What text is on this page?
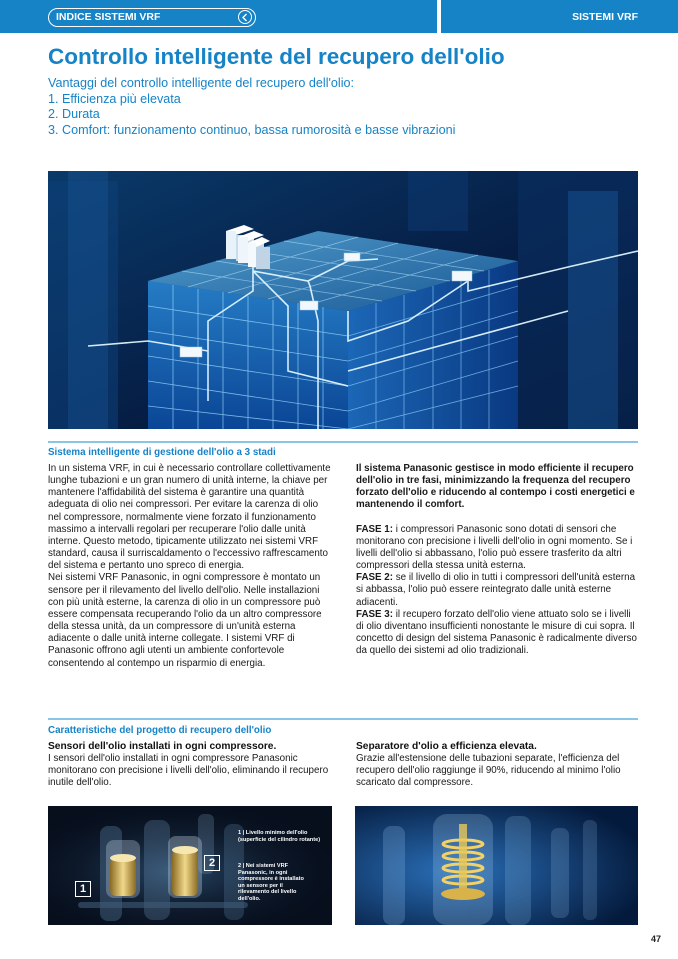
INDICE SISTEMI VRF	SISTEMI VRF
Controllo intelligente del recupero dell'olio
Vantaggi del controllo intelligente del recupero dell'olio:
1. Efficienza più elevata
2. Durata
3. Comfort: funzionamento continuo, bassa rumorosità e basse vibrazioni
Sistema intelligente di gestione dell'olio a 3 stadi

In un sistema VRF, in cui è necessario controllare collettivamente lunghe tubazioni e un gran numero di unità interne, la chiave per mantenere l'affidabilità del sistema è garantire una quantità adeguata di olio nei compressori. Per evitare la carenza di olio nel compressore, normalmente viene forzato il funzionamento massimo a intervalli regolari per recuperare l'olio dalle unità interne. Questo metodo, tipicamente utilizzato nei sistemi VRF standard, causa il surriscaldamento o l'eccessivo raffrescamento del sistema e pertanto uno spreco di energia.

Nei sistemi VRF Panasonic, in ogni compressore è montato un sensore per il rilevamento del livello dell'olio. Nelle installazioni con più unità esterne, la carenza di olio in un compressore può essere compensata recuperando l'olio da un altro compressore della stessa unità, da un compressore di un'unità esterna adiacente o dalle unità interne collegate. I sistemi VRF di Panasonic offrono agli utenti un ambiente confortevole consentendo al contempo un risparmio di energia.

Il sistema Panasonic gestisce in modo efficiente il recupero dell'olio in tre fasi, minimizzando la frequenza del recupero forzato dell'olio e riducendo al contempo i costi energetici e mantenendo il comfort.

FASE 1: i compressori Panasonic sono dotati di sensori che monitorano con precisione i livelli dell'olio in ogni momento. Se i livelli dell'olio si abbassano, l'olio può essere trasferito da altri compressori della stessa unità esterna.

FASE 2: se il livello di olio in tutti i compressori dell'unità esterna si abbassa, l'olio può essere reintegrato dalle unità esterne adiacenti.

FASE 3: il recupero forzato dell'olio viene attuato solo se i livelli di olio diventano insufficienti nonostante le misure di cui sopra. Il concetto di design del sistema Panasonic è radicalmente diverso da quello dei sistemi ad olio tradizionali.

Caratteristiche del progetto di recupero dell'olio

Sensori dell'olio installati in ogni compressore.

I sensori dell'olio installati in ogni compressore Panasonic monitorano con precisione i livelli dell'olio, eliminando il recupero inutile dell'olio.

Separatore d'olio a efficienza elevata.

Grazie all'estensione delle tubazioni separate, l'efficienza del recupero dell'olio raggiunge il 90%, riducendo al minimo l'olio scaricato dal compressore.

1
2
1 | Livello minimo dell'olio (superficie del cilindro rotante)
2 | Nei sistemi VRF Panasonic, in ogni compressore è installato un sensore per il rilevamento del livello dell'olio.
47
